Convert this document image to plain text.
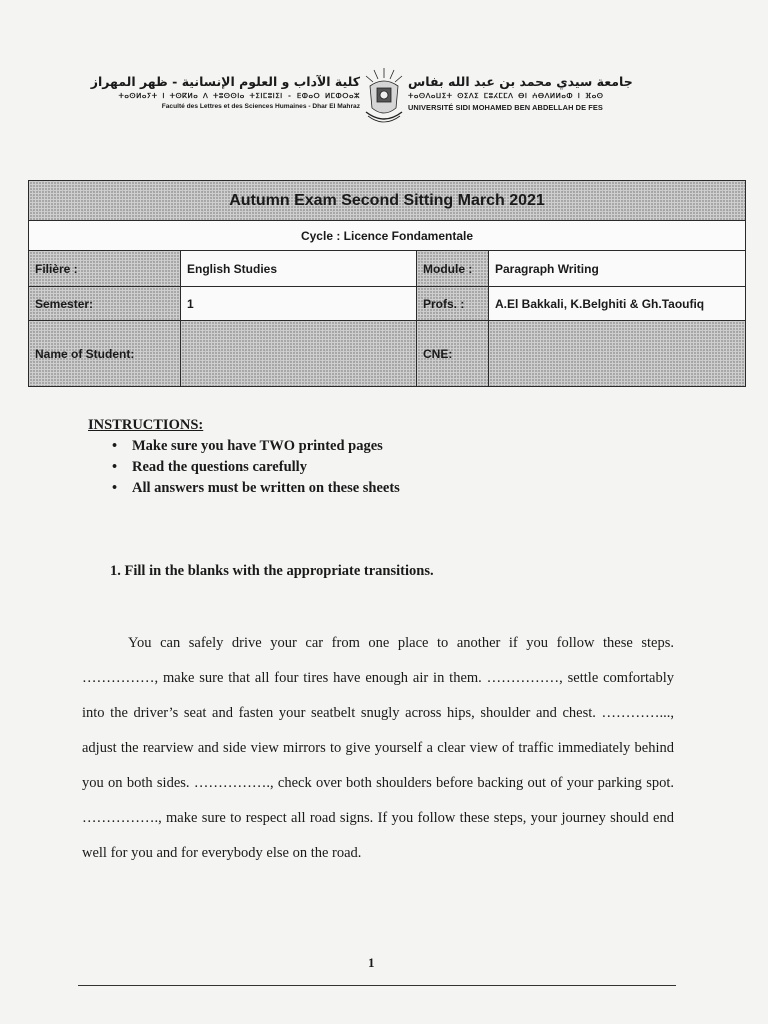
كلية الآداب و العلوم الإنسانية - ظهر المهراز
ⵜⴰⵙⵍⴰⵢⵜ ⵏ ⵜⵙⴽⵍⴰ ⴷ ⵜⵓⵙⵙⵏⴰ ⵜⵉⵏⵎⵓⵏⵉⵏ - ⴹⵀⴰⵔ ⵍⵎⵀⵔⴰⵣ
Faculté des Lettres et des Sciences Humaines - Dhar El Mahraz
جامعة سيدي محمد بن عبد الله بفاس
ⵜⴰⵙⴷⴰⵡⵉⵜ ⵙⵉⴷⵉ ⵎⵓⵃⵎⵎⴷ ⴱⵏ ⵄⴱⴷⵍⵍⴰⵀ ⵏ ⴼⴰⵙ
UNIVERSITÉ SIDI MOHAMED BEN ABDELLAH DE FES
Autumn Exam Second Sitting March 2021			
Cycle : Licence Fondamentale			
Filière :	English Studies	Module :	Paragraph Writing
Semester:	1	Profs. :	A.El Bakkali, K.Belghiti & Gh.Taoufiq
Name of Student:		CNE:	
INSTRUCTIONS:
• Make sure you have TWO printed pages
• Read the questions carefully
• All answers must be written on these sheets
1. Fill in the blanks with the appropriate transitions.
You can safely drive your car from one place to another if you follow these steps. ……………, make sure that all four tires have enough air in them. ……………, settle comfortably into the driver’s seat and fasten your seatbelt snugly across hips, shoulder and chest. …………..., adjust the rearview and side view mirrors to give yourself a clear view of traffic immediately behind you on both sides. ……………., check over both shoulders before backing out of your parking spot. ……………., make sure to respect all road signs. If you follow these steps, your journey should end well for you and for everybody else on the road.
1
